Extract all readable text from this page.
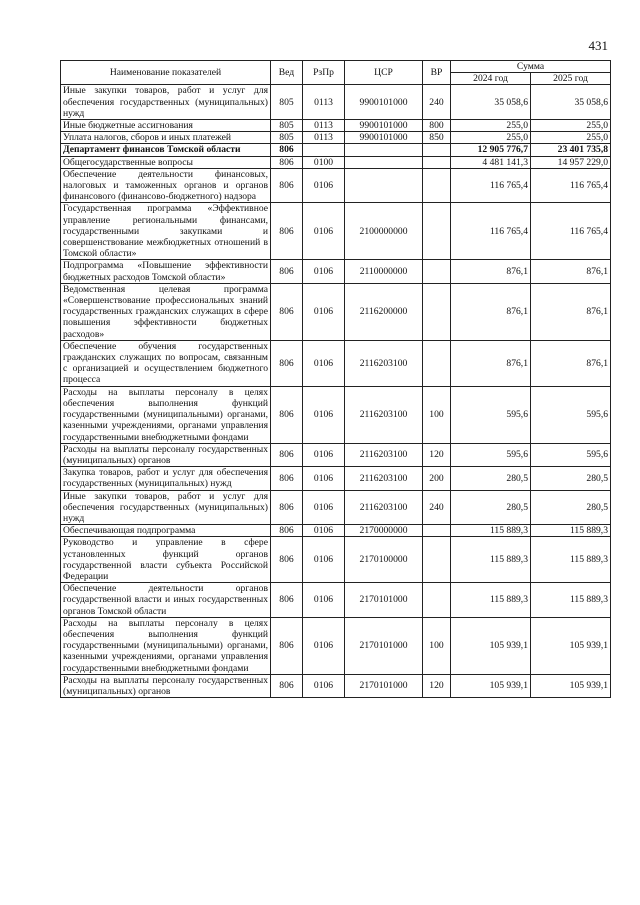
431
Наименование показателей	Вед	РзПр	ЦСР	ВР	Сумма	
					2024 год	2025 год
Иные закупки товаров, работ и услуг для обеспечения государственных (муниципальных) нужд	805	0113	9900101000	240	35 058,6	35 058,6
Иные бюджетные ассигнования	805	0113	9900101000	800	255,0	255,0
Уплата налогов, сборов и иных платежей	805	0113	9900101000	850	255,0	255,0
Департамент финансов Томской области	806				12 905 776,7	23 401 735,8
Общегосударственные вопросы	806	0100			4 481 141,3	14 957 229,0
Обеспечение деятельности финансовых, налоговых и таможенных органов и органов финансового (финансово-бюджетного) надзора	806	0106			116 765,4	116 765,4
Государственная программа «Эффективное управление региональными финансами, государственными закупками и совершенствование межбюджетных отношений в Томской области»	806	0106	2100000000		116 765,4	116 765,4
Подпрограмма «Повышение эффективности бюджетных расходов Томской области»	806	0106	2110000000		876,1	876,1
Ведомственная целевая программа «Совершенствование профессиональных знаний государственных гражданских служащих в сфере повышения эффективности бюджетных расходов»	806	0106	2116200000		876,1	876,1
Обеспечение обучения государственных гражданских служащих по вопросам, связанным с организацией и осуществлением бюджетного процесса	806	0106	2116203100		876,1	876,1
Расходы на выплаты персоналу в целях обеспечения выполнения функций государственными (муниципальными) органами, казенными учреждениями, органами управления государственными внебюджетными фондами	806	0106	2116203100	100	595,6	595,6
Расходы на выплаты персоналу государственных (муниципальных) органов	806	0106	2116203100	120	595,6	595,6
Закупка товаров, работ и услуг для обеспечения государственных (муниципальных) нужд	806	0106	2116203100	200	280,5	280,5
Иные закупки товаров, работ и услуг для обеспечения государственных (муниципальных) нужд	806	0106	2116203100	240	280,5	280,5
Обеспечивающая подпрограмма	806	0106	2170000000		115 889,3	115 889,3
Руководство и управление в сфере установленных функций органов государственной власти субъекта Российской Федерации	806	0106	2170100000		115 889,3	115 889,3
Обеспечение деятельности органов государственной власти и иных государственных органов Томской области	806	0106	2170101000		115 889,3	115 889,3
Расходы на выплаты персоналу в целях обеспечения выполнения функций государственными (муниципальными) органами, казенными учреждениями, органами управления государственными внебюджетными фондами	806	0106	2170101000	100	105 939,1	105 939,1
Расходы на выплаты персоналу государственных (муниципальных) органов	806	0106	2170101000	120	105 939,1	105 939,1
